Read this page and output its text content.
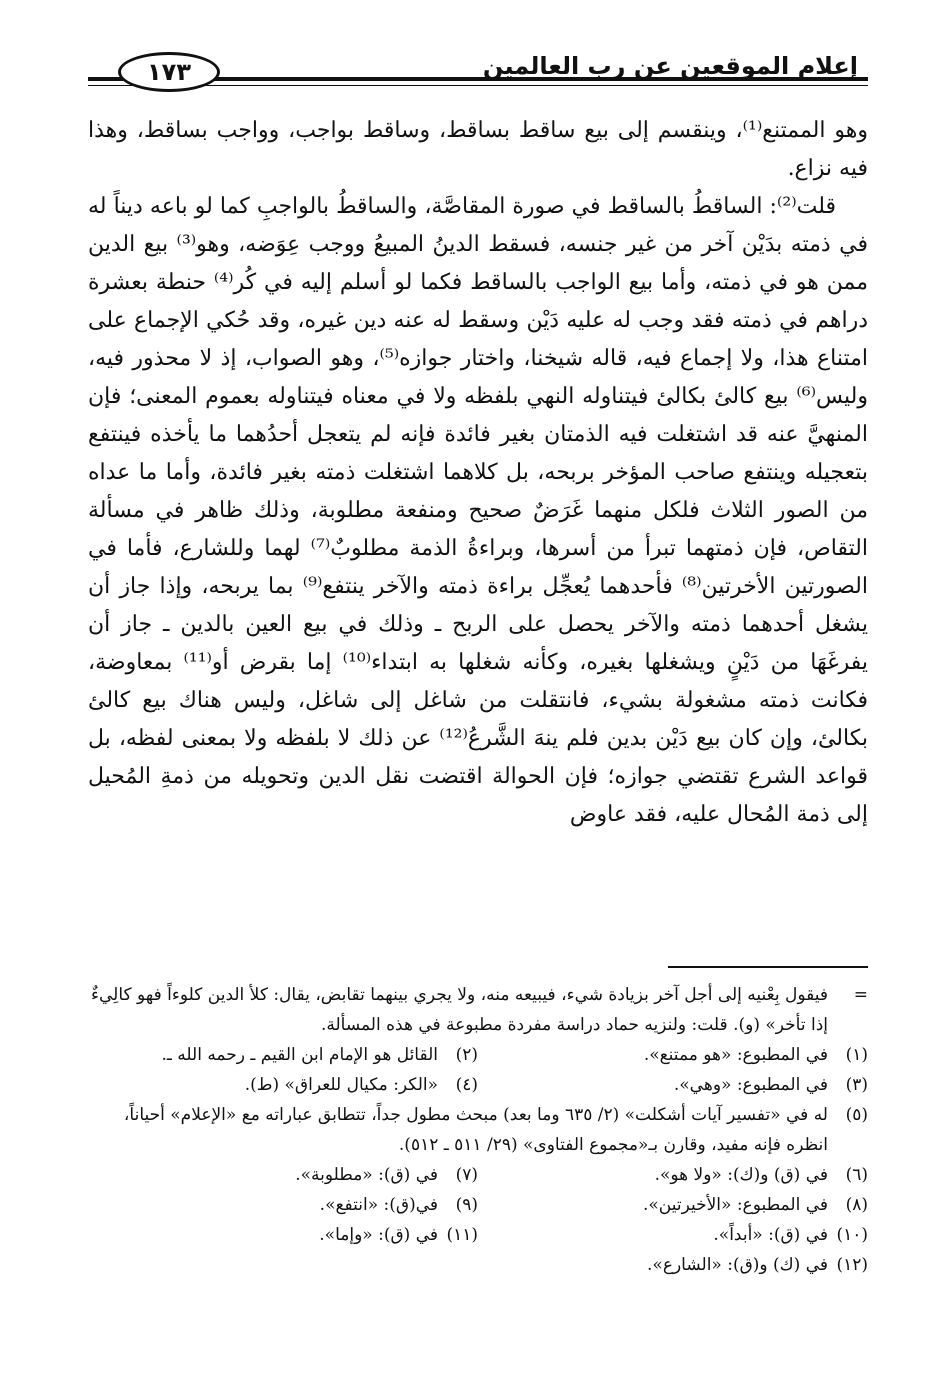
إعلام الموقعين عن رب العالمين
١٧٣

وهو الممتنع⁽¹⁾، وينقسم إلى بيع ساقط بساقط، وساقط بواجب، وواجب بساقط، وهذا فيه نزاع.

قلت⁽²⁾: الساقطُ بالساقط في صورة المقاصَّة، والساقطُ بالواجبِ كما لو باعه ديناً له في ذمته بدَيْن آخر من غير جنسه، فسقط الدينُ المبيعُ ووجب عِوَضه، وهو⁽³⁾ بيع الدين ممن هو في ذمته، وأما بيع الواجب بالساقط فكما لو أسلم إليه في كُر⁽⁴⁾ حنطة بعشرة دراهم في ذمته فقد وجب له عليه دَيْن وسقط له عنه دين غيره، وقد حُكي الإجماع على امتناع هذا، ولا إجماع فيه، قاله شيخنا، واختار جوازه⁽⁵⁾، وهو الصواب، إذ لا محذور فيه، وليس⁽⁶⁾ بيع كالئ بكالئ فيتناوله النهي بلفظه ولا في معناه فيتناوله بعموم المعنى؛ فإن المنهيَّ عنه قد اشتغلت فيه الذمتان بغير فائدة فإنه لم يتعجل أحدُهما ما يأخذه فينتفع بتعجيله وينتفع صاحب المؤخر بربحه، بل كلاهما اشتغلت ذمته بغير فائدة، وأما ما عداه من الصور الثلاث فلكل منهما غَرَضٌ صحيح ومنفعة مطلوبة، وذلك ظاهر في مسألة التقاص، فإن ذمتهما تبرأ من أسرها، وبراءةُ الذمة مطلوبٌ⁽⁷⁾ لهما وللشارع، فأما في الصورتين الأخرتين⁽⁸⁾ فأحدهما يُعجِّل براءة ذمته والآخر ينتفع⁽⁹⁾ بما يربحه، وإذا جاز أن يشغل أحدهما ذمته والآخر يحصل على الربح ـ وذلك في بيع العين بالدين ـ جاز أن يفرغَهَا من دَيْنٍ ويشغلها بغيره، وكأنه شغلها به ابتداء⁽¹⁰⁾ إما بقرض أو⁽¹¹⁾ بمعاوضة، فكانت ذمته مشغولة بشيء، فانتقلت من شاغل إلى شاغل، وليس هناك بيع كالئ بكالئ، وإن كان بيع دَيْن بدين فلم ينهَ الشَّرعُ⁽¹²⁾ عن ذلك لا بلفظه ولا بمعنى لفظه، بل قواعد الشرع تقتضي جوازه؛ فإن الحوالة اقتضت نقل الدين وتحويله من ذمةِ المُحيل إلى ذمة المُحال عليه، فقد عاوض

=
فيقول بِعْنيه إلى أجل آخر بزيادة شيء، فيبيعه منه، ولا يجري بينهما تقابض، يقال: كلأ الدين كلوءاً فهو كالِيءٌ إذا تأخر» (و). قلت: ولنزيه حماد دراسة مفردة مطبوعة في هذه المسألة.

(١)
في المطبوع: «هو ممتنع».
(٢)
القائل هو الإمام ابن القيم ـ رحمه الله ـ.
(٣)
في المطبوع: «وهي».
(٤)
«الكر: مكيال للعراق» (ط).
(٥)
له في «تفسير آيات أشكلت» (٢/ ٦٣٥ وما بعد) مبحث مطول جداً، تتطابق عباراته مع «الإعلام» أحياناً، انظره فإنه مفيد، وقارن بـ«مجموع الفتاوى» (٢٩/ ٥١١ ـ ٥١٢).
(٦)
في (ق) و(ك): «ولا هو».
(٧)
في (ق): «مطلوبة».
(٨)
في المطبوع: «الأخيرتين».
(٩)
في(ق): «انتفع».
(١٠)
في (ق): «أبداً».
(١١)
في (ق): «وإما».
(١٢)
في (ك) و(ق): «الشارع».
